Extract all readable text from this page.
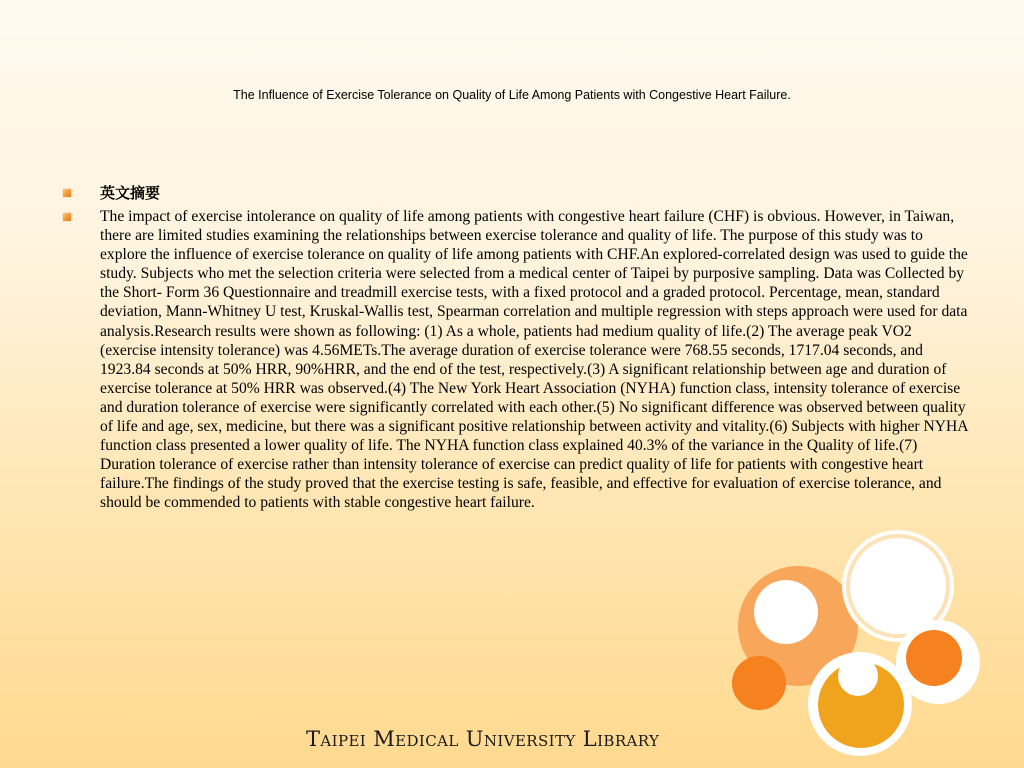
The Influence of Exercise Tolerance on Quality of Life Among Patients with Congestive Heart Failure.
英文摘要
The impact of exercise intolerance on quality of life among patients with congestive heart failure (CHF) is obvious. However, in Taiwan, there are limited studies examining the relationships between exercise tolerance and quality of life. The purpose of this study was to explore the influence of exercise tolerance on quality of life among patients with CHF.An explored-correlated design was used to guide the study. Subjects who met the selection criteria were selected from a medical center of Taipei by purposive sampling. Data was Collected by the Short- Form 36 Questionnaire and treadmill exercise tests, with a fixed protocol and a graded protocol. Percentage, mean, standard deviation, Mann-Whitney U test, Kruskal-Wallis test, Spearman correlation and multiple regression with steps approach were used for data analysis.Research results were shown as following: (1) As a whole, patients had medium quality of life.(2) The average peak VO2 (exercise intensity tolerance) was 4.56METs.The average duration of exercise tolerance were 768.55 seconds, 1717.04 seconds, and 1923.84 seconds at 50% HRR, 90%HRR, and the end of the test, respectively.(3) A significant relationship between age and duration of exercise tolerance at 50% HRR was observed.(4) The New York Heart Association (NYHA) function class, intensity tolerance of exercise and duration tolerance of exercise were significantly correlated with each other.(5) No significant difference was observed between quality of life and age, sex, medicine, but there was a significant positive relationship between activity and vitality.(6) Subjects with higher NYHA function class presented a lower quality of life. The NYHA function class explained 40.3% of the variance in the Quality of life.(7) Duration tolerance of exercise rather than intensity tolerance of exercise can predict quality of life for patients with congestive heart failure.The findings of the study proved that the exercise testing is safe, feasible, and effective for evaluation of exercise tolerance, and should be commended to patients with stable congestive heart failure.
Taipei Medical University Library
